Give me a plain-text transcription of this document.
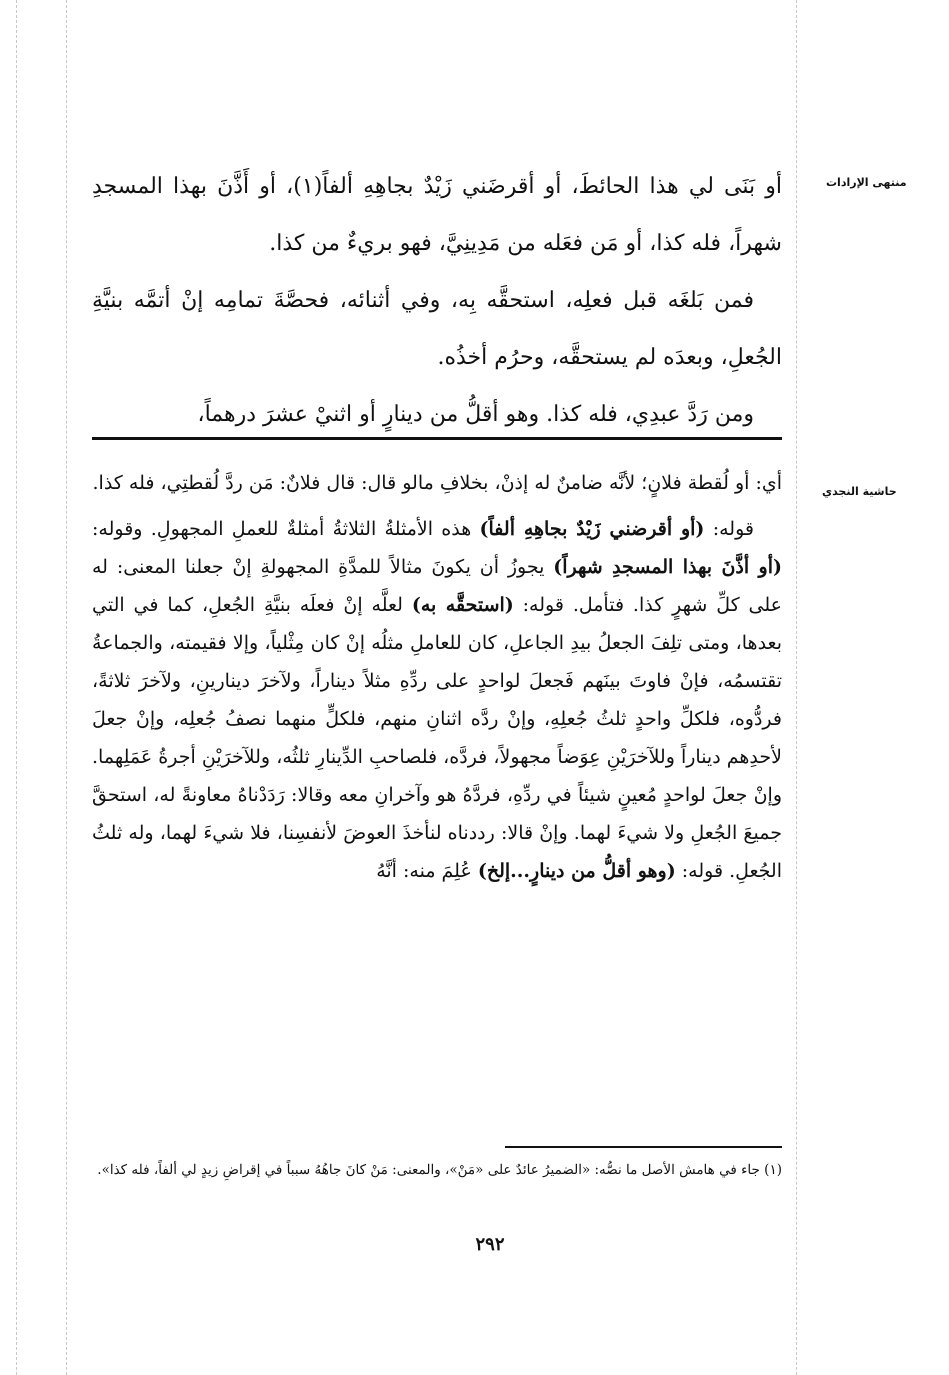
منتهى الإرادات
حاشية النجدي

أو بَنَى لي هذا الحائطَ، أو أقرضَني زَيْدٌ بجاهِهِ ألفاً(١)، أو أَذَّنَ بهذا المسجدِ شهراً، فله كذا، أو مَن فعَله من مَدِينِيَّ، فهو بريءٌ من كذا.

فمن بَلغَه قبل فعلِه، استحقَّه بِه، وفي أثنائه، فحصَّةَ تمامِه إنْ أتمَّه بنيَّةِ الجُعلِ، وبعدَه لم يستحقَّه، وحرُم أخذُه.

ومن رَدَّ عبدِي، فله كذا. وهو أقلُّ من دينارٍ أو اثنيْ عشرَ درهماً،

أي: أو لُقطة فلانٍ؛ لأنَّه ضامنٌ له إذنْ، بخلافِ مالو قال: قال فلانٌ: مَن ردَّ لُقطتِي، فله كذا.

قوله: (أو أقرضني زَيْدٌ بجاهِهِ ألفاً) هذه الأمثلةُ الثلاثةُ أمثلةٌ للعملِ المجهولِ. وقوله: (أو أذَّنَ بهذا المسجدِ شهراً) يجوزُ أن يكونَ مثالاً للمدَّةِ المجهولةِ إنْ جعلنا المعنى: له على كلِّ شهرٍ كذا. فتأمل. قوله: (استحقَّه به) لعلَّه إنْ فعلَه بنيَّةِ الجُعلِ، كما في التي بعدها، ومتى تلِفَ الجعلُ بيدِ الجاعلِ، كان للعاملِ مثلُه إنْ كان مِثْلياً، وإلا فقيمته، والجماعةُ تقتسمُه، فإنْ فاوتَ بينَهم فَجعلَ لواحدٍ على ردِّهِ مثلاً ديناراً، ولآخرَ دينارينِ، ولآخرَ ثلاثةً، فردُّوه، فلكلِّ واحدٍ ثلثُ جُعلِهِ، وإنْ ردَّه اثنانِ منهم، فلكلٍّ منهما نصفُ جُعلِه، وإنْ جعلَ لأحدِهم ديناراً وللآخرَيْنِ عِوَضاً مجهولاً، فردَّه، فلصاحبِ الدِّينارِ ثلثُه، وللآخرَيْنِ أجرةُ عَمَلِهما. وإنْ جعلَ لواحدٍ مُعينٍ شيئاً في ردِّهِ، فردَّهُ هو وآخرانِ معه وقالا: رَدَدْناهُ معاونةً له، استحقَّ جميعَ الجُعلِ ولا شيءَ لهما. وإنْ قالا: رددناه لنأخذَ العوضَ لأنفسِنا، فلا شيءَ لهما، وله ثلثُ الجُعلِ. قوله: (وهو أقلُّ من دينارٍ...إلخ) عُلِمَ منه: أنَّهُ

(١) جاء في هامش الأصل ما نصُّه: «الضميرُ عائدٌ على «مَنْ»، والمعنى: مَنْ كانَ جاهُهُ سبباً في إقراضِ زيدٍ لي ألفاً، فله كذا».

٢٩٢
